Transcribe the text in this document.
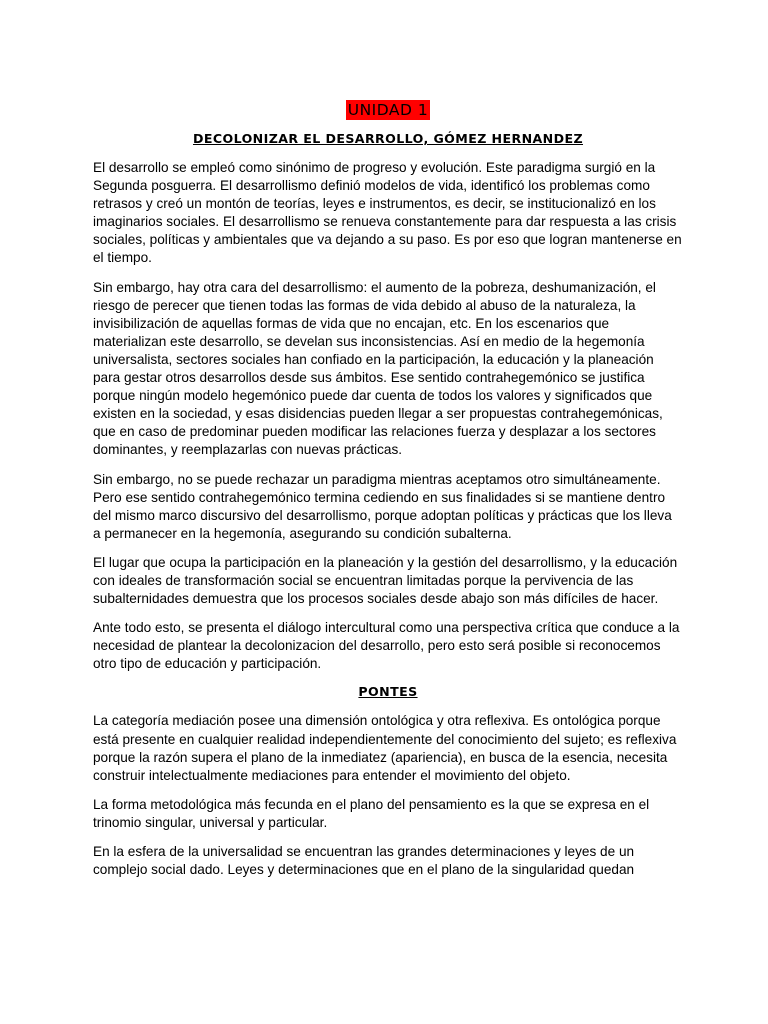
UNIDAD 1
DECOLONIZAR EL DESARROLLO, GÓMEZ HERNANDEZ

El desarrollo se empleó como sinónimo de progreso y evolución. Este paradigma surgió en la Segunda posguerra. El desarrollismo definió modelos de vida, identificó los problemas como retrasos y creó un montón de teorías, leyes e instrumentos, es decir, se institucionalizó en los imaginarios sociales. El desarrollismo se renueva constantemente para dar respuesta a las crisis sociales, políticas y ambientales que va dejando a su paso. Es por eso que logran mantenerse en el tiempo.

Sin embargo, hay otra cara del desarrollismo: el aumento de la pobreza, deshumanización, el riesgo de perecer que tienen todas las formas de vida debido al abuso de la naturaleza, la invisibilización de aquellas formas de vida que no encajan, etc. En los escenarios que materializan este desarrollo, se develan sus inconsistencias. Así en medio de la hegemonía universalista, sectores sociales han confiado en la participación, la educación y la planeación para gestar otros desarrollos desde sus ámbitos. Ese sentido contrahegemónico se justifica porque ningún modelo hegemónico puede dar cuenta de todos los valores y significados que existen en la sociedad, y esas disidencias pueden llegar a ser propuestas contrahegemónicas, que en caso de predominar pueden modificar las relaciones fuerza y desplazar a los sectores dominantes, y reemplazarlas con nuevas prácticas.

Sin embargo, no se puede rechazar un paradigma mientras aceptamos otro simultáneamente. Pero ese sentido contrahegemónico termina cediendo en sus finalidades si se mantiene dentro del mismo marco discursivo del desarrollismo, porque adoptan políticas y prácticas que los lleva a permanecer en la hegemonía, asegurando su condición subalterna.

El lugar que ocupa la participación en la planeación y la gestión del desarrollismo, y la educación con ideales de transformación social se encuentran limitadas porque la pervivencia de las subalternidades demuestra que los procesos sociales desde abajo son más difíciles de hacer.

Ante todo esto, se presenta el diálogo intercultural como una perspectiva crítica que conduce a la necesidad de plantear la decolonizacion del desarrollo, pero esto será posible si reconocemos otro tipo de educación y participación.

PONTES

La categoría mediación posee una dimensión ontológica y otra reflexiva. Es ontológica porque está presente en cualquier realidad independientemente del conocimiento del sujeto; es reflexiva porque la razón supera el plano de la inmediatez (apariencia), en busca de la esencia, necesita construir intelectualmente mediaciones para entender el movimiento del objeto.

La forma metodológica más fecunda en el plano del pensamiento es la que se expresa en el trinomio singular, universal y particular.

En la esfera de la universalidad se encuentran las grandes determinaciones y leyes de un complejo social dado. Leyes y determinaciones que en el plano de la singularidad quedan
